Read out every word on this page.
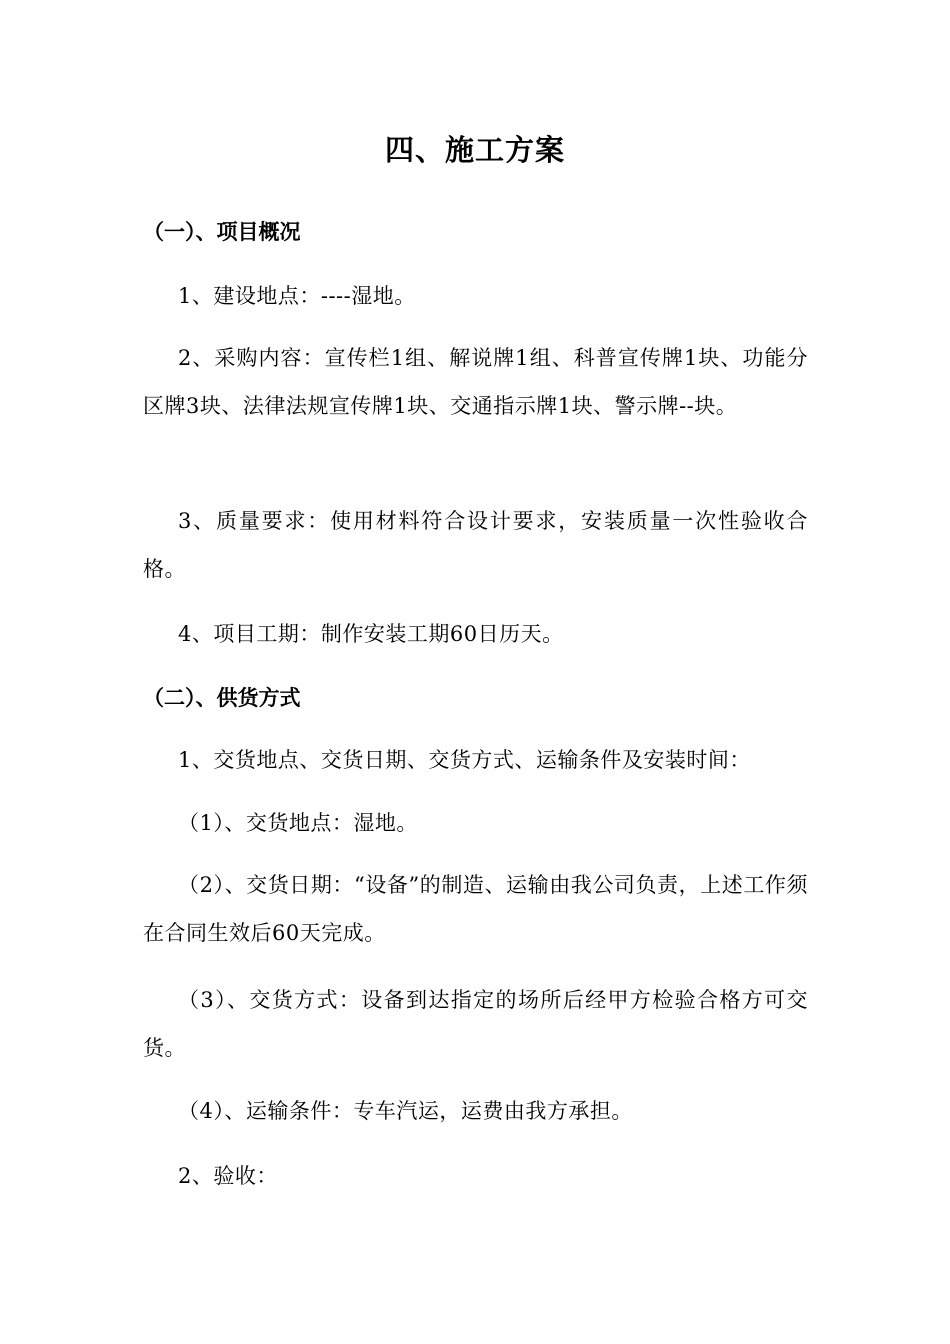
四、施工方案
（一）、项目概况
1、建设地点：----湿地。
2、采购内容：宣传栏1组、解说牌1组、科普宣传牌1块、功能分区牌3块、法律法规宣传牌1块、交通指示牌1块、警示牌--块。
3、质量要求：使用材料符合设计要求，安装质量一次性验收合格。
4、项目工期：制作安装工期60日历天。
（二）、供货方式
1、交货地点、交货日期、交货方式、运输条件及安装时间：
（1）、交货地点：湿地。
（2）、交货日期：“设备”的制造、运输由我公司负责，上述工作须在合同生效后60天完成。
（3）、交货方式：设备到达指定的场所后经甲方检验合格方可交货。
（4）、运输条件：专车汽运，运费由我方承担。
2、验收：
